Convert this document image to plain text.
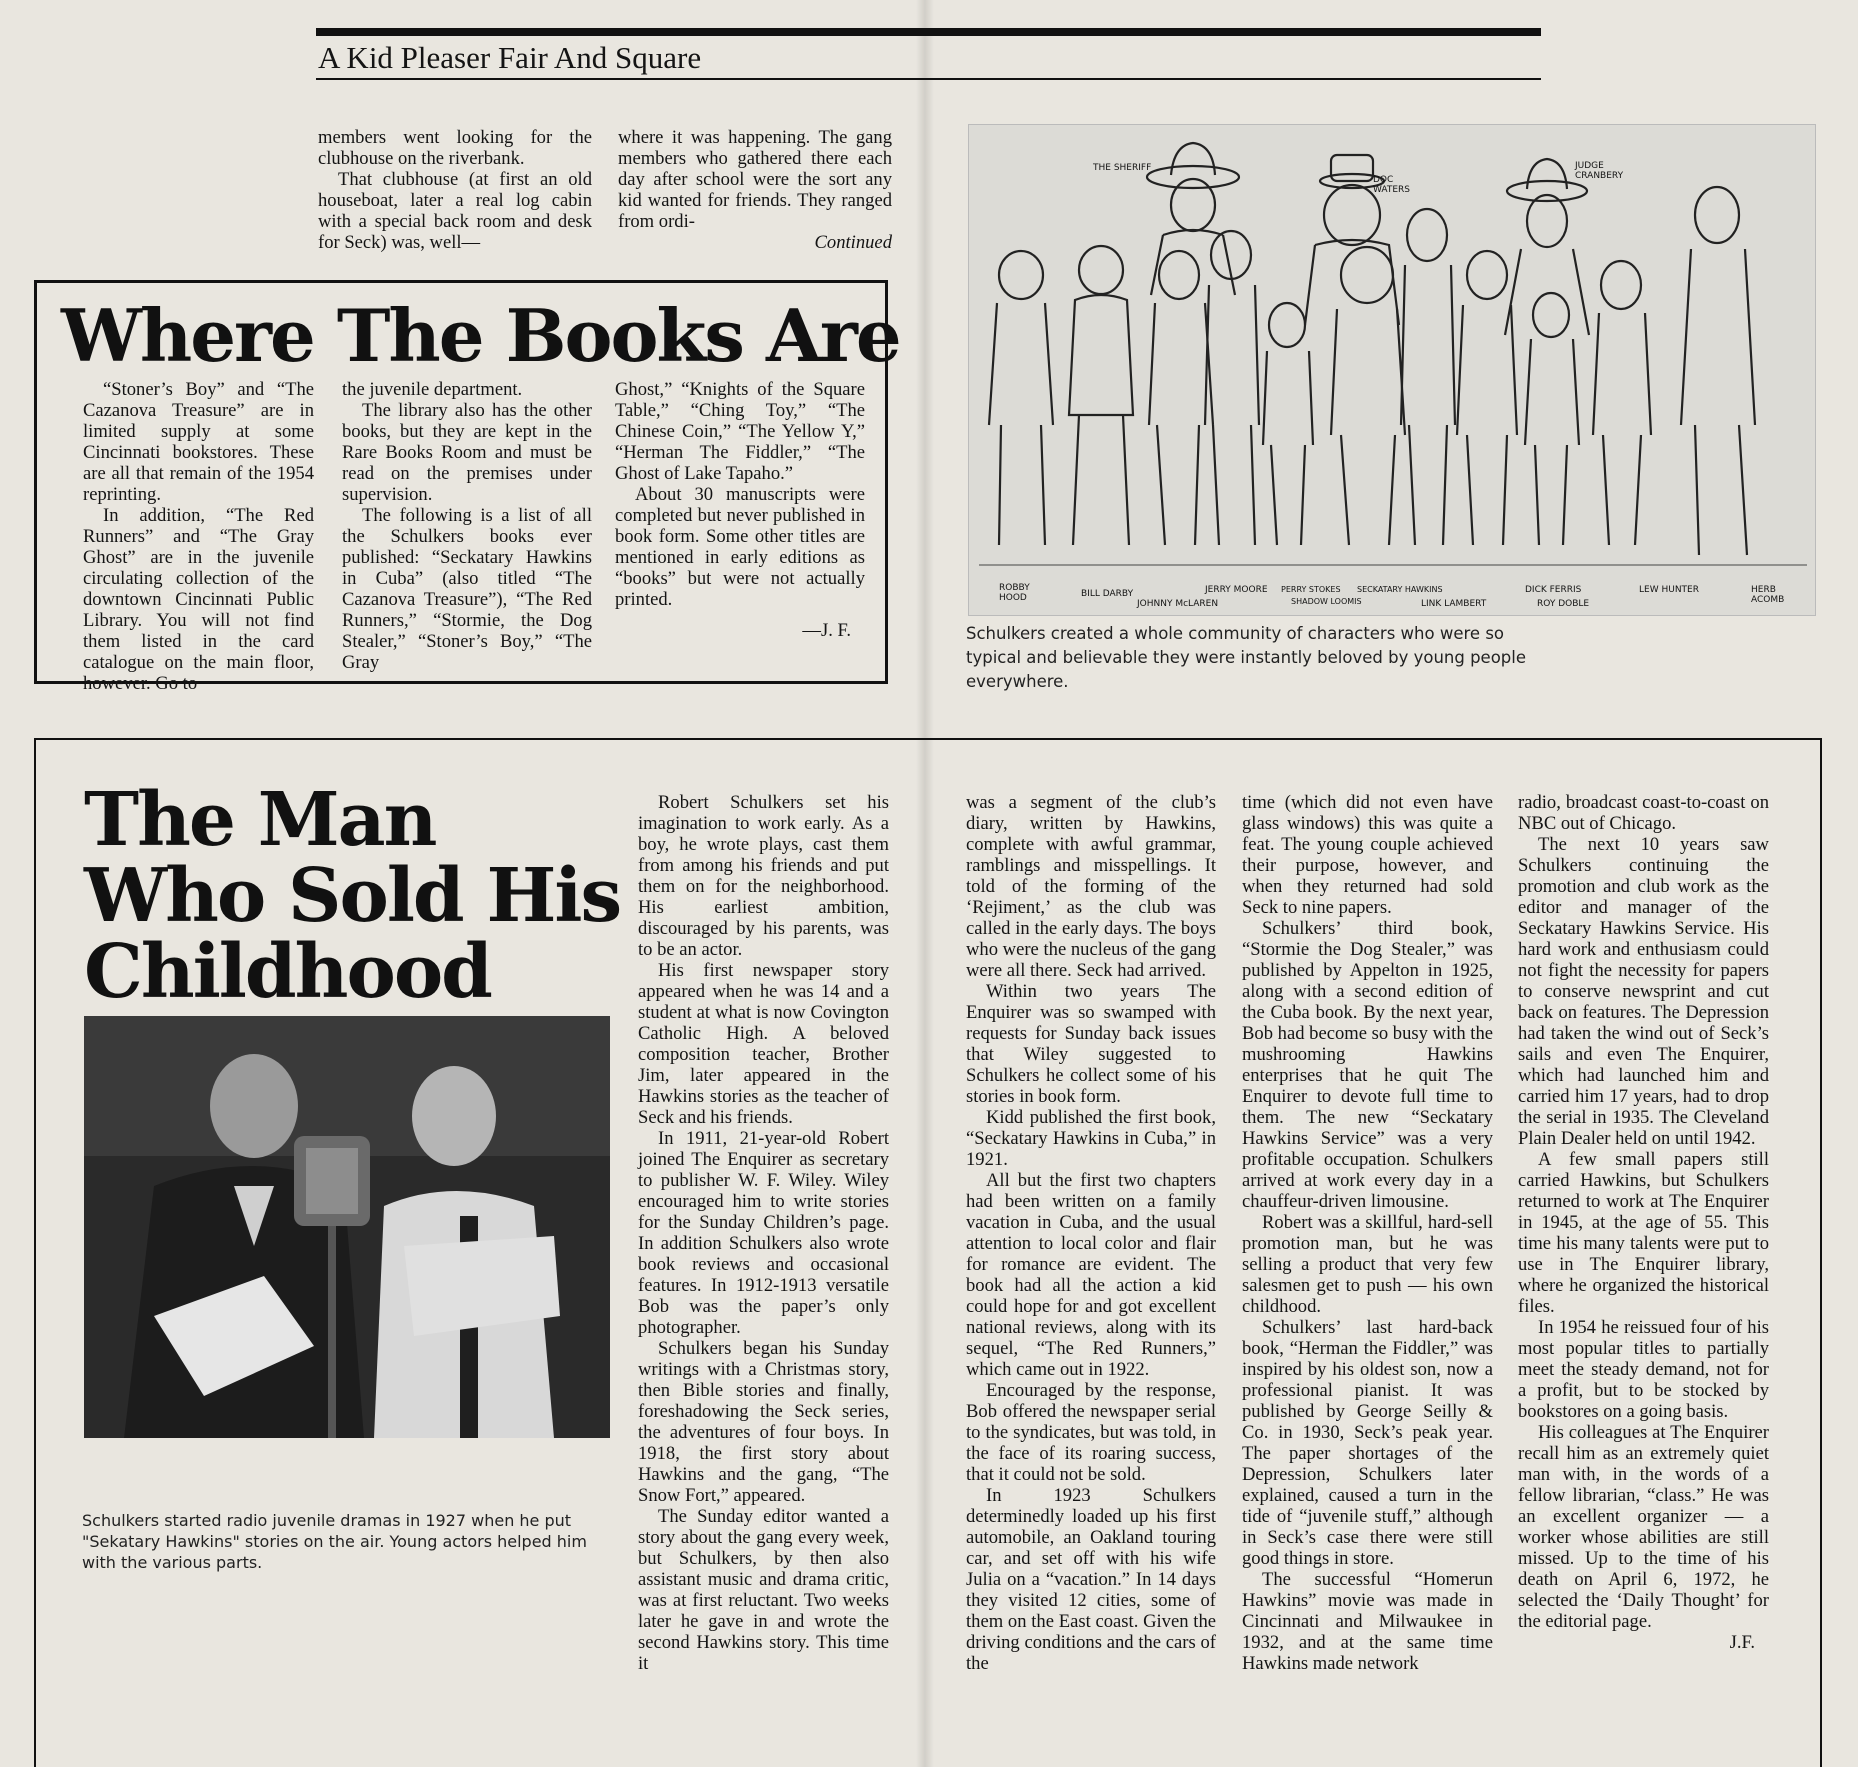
A Kid Pleaser Fair And Square

members went looking for the clubhouse on the riverbank.

That clubhouse (at first an old houseboat, later a real log cabin with a special back room and desk for Seck) was, well—

where it was happening. The gang members who gathered there each day after school were the sort any kid wanted for friends. They ranged from ordi-

Continued
Where The Books Are

“Stoner’s Boy” and “The Cazanova Treasure” are in limited supply at some Cincinnati bookstores. These are all that remain of the 1954 reprinting.

In addition, “The Red Runners” and “The Gray Ghost” are in the juvenile circulating collection of the downtown Cincinnati Public Library. You will not find them listed in the card catalogue on the main floor, however. Go to

the juvenile department.

The library also has the other books, but they are kept in the Rare Books Room and must be read on the premises under supervision.

The following is a list of all the Schulkers books ever published: “Seckatary Hawkins in Cuba” (also titled “The Cazanova Treasure”), “The Red Runners,” “Stormie, the Dog Stealer,” “Stoner’s Boy,” “The Gray

Ghost,” “Knights of the Square Table,” “Ching Toy,” “The Chinese Coin,” “The Yellow Y,” “Herman The Fiddler,” “The Ghost of Lake Tapaho.”

About 30 manuscripts were completed but never published in book form. Some other titles are mentioned in early editions as “books” but were not actually printed.

—J. F.
THE SHERIFF
DOC WATERS
JUDGE CRANBERY
ROBBY HOOD	BILL DARBY	JERRY MOORE PERRY STOKES SECKATARY HAWKINS	DICK FERRIS	LEW HUNTER	HERB ACOMB
JOHNNY McLAREN	SHADOW LOOMIS	LINK LAMBERT	ROY DOBLE
Schulkers created a whole community of characters who were so typical and believable they were instantly beloved by young people everywhere.
The Man
Who Sold His
Childhood
Schulkers started radio juvenile dramas in 1927 when he put "Sekatary Hawkins" stories on the air. Young actors helped him with the various parts.

Robert Schulkers set his imagination to work early. As a boy, he wrote plays, cast them from among his friends and put them on for the neighborhood. His earliest ambition, discouraged by his parents, was to be an actor.

His first newspaper story appeared when he was 14 and a student at what is now Covington Catholic High. A beloved composition teacher, Brother Jim, later appeared in the Hawkins stories as the teacher of Seck and his friends.

In 1911, 21-year-old Robert joined The Enquirer as secretary to publisher W. F. Wiley. Wiley encouraged him to write stories for the Sunday Children’s page. In addition Schulkers also wrote book reviews and occasional features. In 1912-1913 versatile Bob was the paper’s only photographer.

Schulkers began his Sunday writings with a Christmas story, then Bible stories and finally, foreshadowing the Seck series, the adventures of four boys. In 1918, the first story about Hawkins and the gang, “The Snow Fort,” appeared.

The Sunday editor wanted a story about the gang every week, but Schulkers, by then also assistant music and drama critic, was at first reluctant. Two weeks later he gave in and wrote the second Hawkins story. This time it

was a segment of the club’s diary, written by Hawkins, complete with awful grammar, ramblings and misspellings. It told of the forming of the ‘Rejiment,’ as the club was called in the early days. The boys who were the nucleus of the gang were all there. Seck had arrived.

Within two years The Enquirer was so swamped with requests for Sunday back issues that Wiley suggested to Schulkers he collect some of his stories in book form.

Kidd published the first book, “Seckatary Hawkins in Cuba,” in 1921.

All but the first two chapters had been written on a family vacation in Cuba, and the usual attention to local color and flair for romance are evident. The book had all the action a kid could hope for and got excellent national reviews, along with its sequel, “The Red Runners,” which came out in 1922.

Encouraged by the response, Bob offered the newspaper serial to the syndicates, but was told, in the face of its roaring success, that it could not be sold.

In 1923 Schulkers determinedly loaded up his first automobile, an Oakland touring car, and set off with his wife Julia on a “vacation.” In 14 days they visited 12 cities, some of them on the East coast. Given the driving conditions and the cars of the

time (which did not even have glass windows) this was quite a feat. The young couple achieved their purpose, however, and when they returned had sold Seck to nine papers.

Schulkers’ third book, “Stormie the Dog Stealer,” was published by Appelton in 1925, along with a second edition of the Cuba book. By the next year, Bob had become so busy with the mushrooming Hawkins enterprises that he quit The Enquirer to devote full time to them. The new “Seckatary Hawkins Service” was a very profitable occupation. Schulkers arrived at work every day in a chauffeur-driven limousine.

Robert was a skillful, hard-sell promotion man, but he was selling a product that very few salesmen get to push — his own childhood.

Schulkers’ last hard-back book, “Herman the Fiddler,” was inspired by his oldest son, now a professional pianist. It was published by George Seilly & Co. in 1930, Seck’s peak year. The paper shortages of the Depression, Schulkers later explained, caused a turn in the tide of “juvenile stuff,” although in Seck’s case there were still good things in store.

The successful “Homerun Hawkins” movie was made in Cincinnati and Milwaukee in 1932, and at the same time Hawkins made network

radio, broadcast coast-to-coast on NBC out of Chicago.

The next 10 years saw Schulkers continuing the promotion and club work as the editor and manager of the Seckatary Hawkins Service. His hard work and enthusiasm could not fight the necessity for papers to conserve newsprint and cut back on features. The Depression had taken the wind out of Seck’s sails and even The Enquirer, which had launched him and carried him 17 years, had to drop the serial in 1935. The Cleveland Plain Dealer held on until 1942.

A few small papers still carried Hawkins, but Schulkers returned to work at The Enquirer in 1945, at the age of 55. This time his many talents were put to use in The Enquirer library, where he organized the historical files.

In 1954 he reissued four of his most popular titles to partially meet the steady demand, not for a profit, but to be stocked by bookstores on a going basis.

His colleagues at The Enquirer recall him as an extremely quiet man with, in the words of a fellow librarian, “class.” He was an excellent organizer — a worker whose abilities are still missed. Up to the time of his death on April 6, 1972, he selected the ‘Daily Thought’ for the editorial page.

J.F.
